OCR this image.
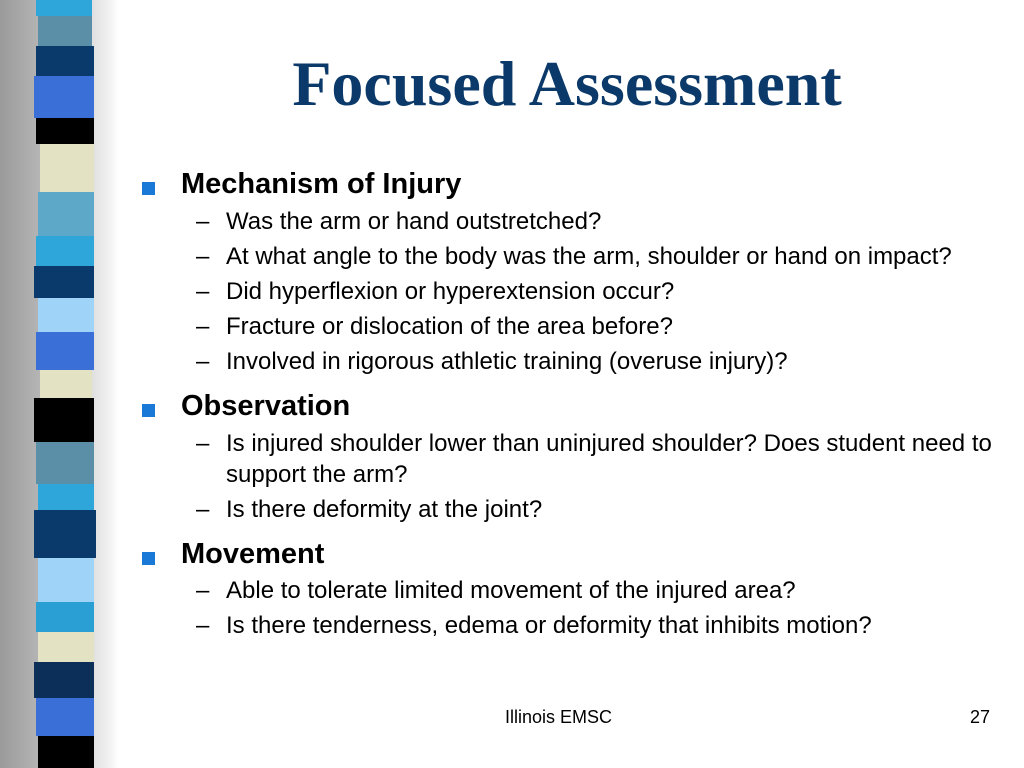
Focused Assessment
Mechanism of Injury
– Was the arm or hand outstretched?
– At what angle to the body was the arm, shoulder or hand on impact?
– Did hyperflexion or hyperextension occur?
– Fracture or dislocation of the area before?
– Involved in rigorous athletic training (overuse injury)?
Observation
– Is injured shoulder lower than uninjured shoulder? Does student need to support the arm?
– Is there deformity at the joint?
Movement
– Able to tolerate limited movement of the injured area?
– Is there tenderness, edema or deformity that inhibits motion?
Illinois EMSC	27
